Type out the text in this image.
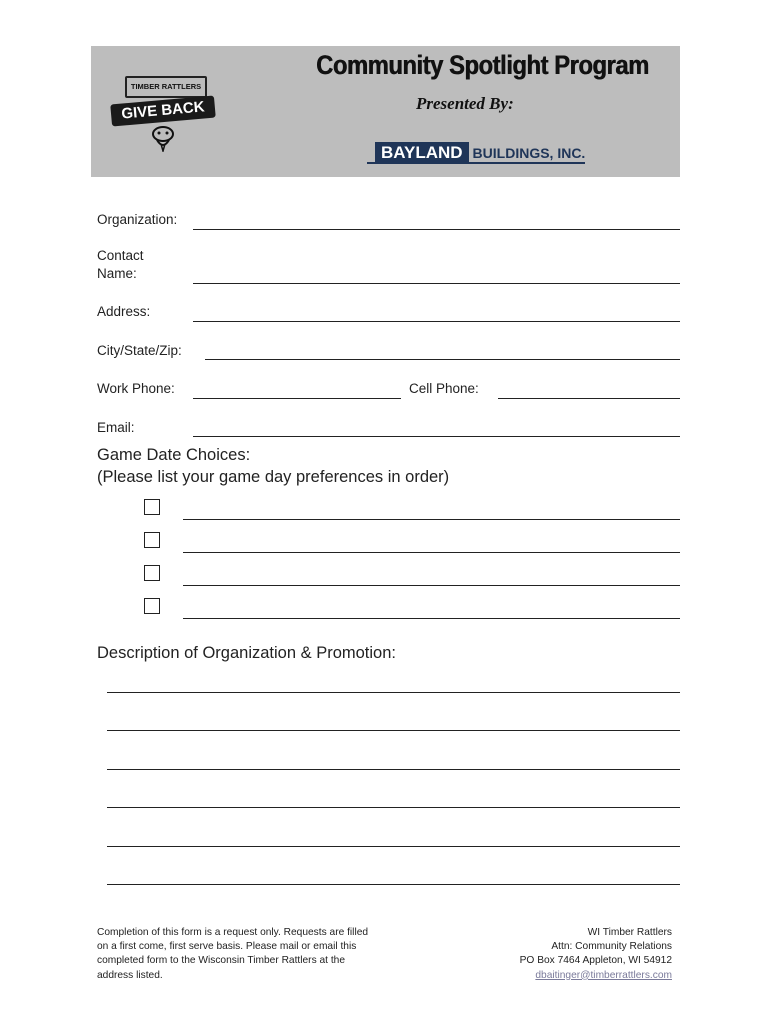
TIMBER RATTLERS
GIVE BACK
Community Spotlight Program
Presented By:
BAYLAND BUILDINGS, INC.
Organization:
Contact
Name:
Address:
City/State/Zip:
Work Phone:	Cell Phone:
Email:
Game Date Choices:
(Please list your game day preferences in order)
Description of Organization & Promotion:
Completion of this form is a request only. Requests are filled
on a first come, first serve basis. Please mail or email this
completed form to the Wisconsin Timber Rattlers at the
address listed.
WI Timber Rattlers
Attn: Community Relations
PO Box 7464 Appleton, WI 54912
dbaitinger@timberrattlers.com
